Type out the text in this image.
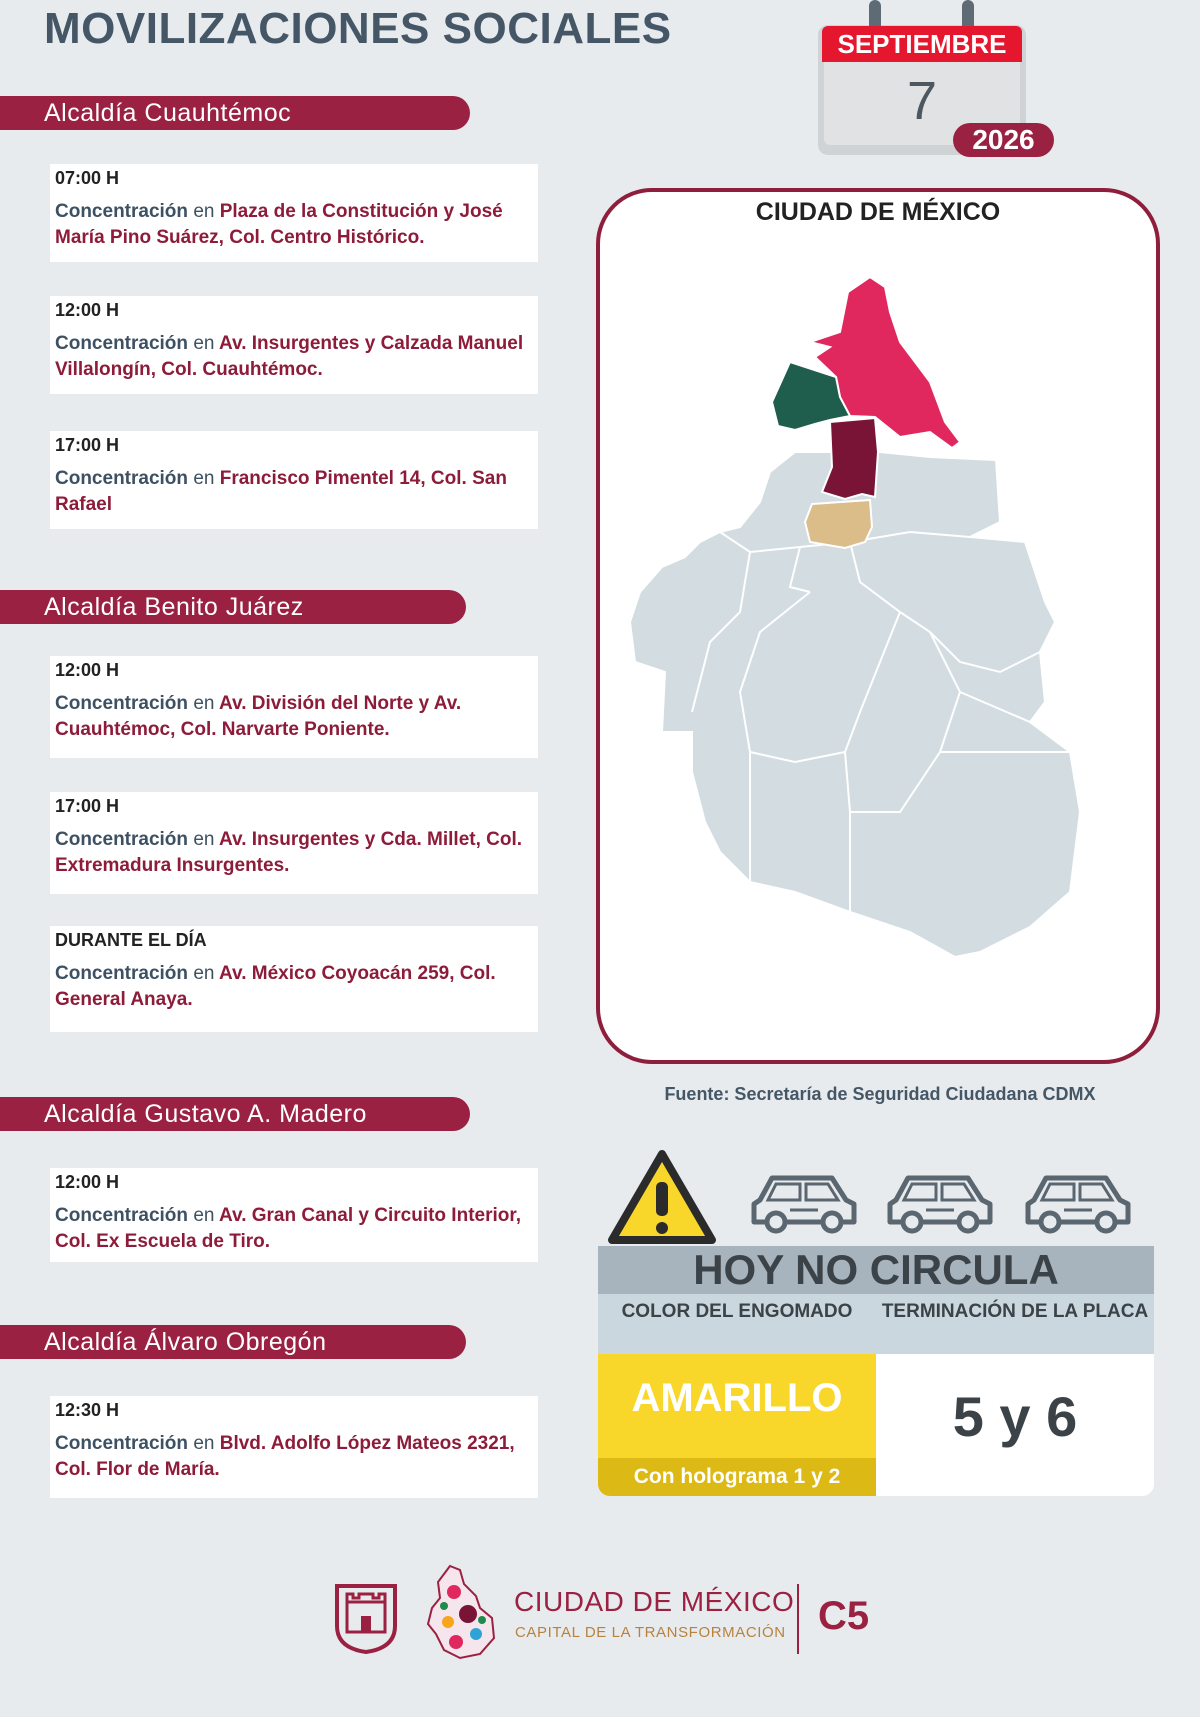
MOVILIZACIONES SOCIALES	SEPTIEMBRE
7
2026
Alcaldía Cuauhtémoc
07:00 H
Concentración en Plaza de la Constitución y José María Pino Suárez, Col. Centro Histórico.
12:00 H
Concentración en Av. Insurgentes y Calzada Manuel Villalongín, Col. Cuauhtémoc.
17:00 H
Concentración en Francisco Pimentel 14, Col. San Rafael
Alcaldía Benito Juárez
12:00 H
Concentración en Av. División del Norte y Av. Cuauhtémoc, Col. Narvarte Poniente.
17:00 H
Concentración en Av. Insurgentes y Cda. Millet, Col. Extremadura Insurgentes.
DURANTE EL DÍA
Concentración en Av. México Coyoacán 259, Col. General Anaya.
Alcaldía Gustavo A. Madero
12:00 H
Concentración en Av. Gran Canal y Circuito Interior, Col. Ex Escuela de Tiro.
Alcaldía Álvaro Obregón
12:30 H
Concentración en Blvd. Adolfo López Mateos 2321, Col. Flor de María.
CIUDAD DE MÉXICO
Fuente: Secretaría de Seguridad Ciudadana CDMX
HOY NO CIRCULA
COLOR DEL ENGOMADO	TERMINACIÓN DE LA PLACA
AMARILLO
Con holograma 1 y 2
5 y 6
CIUDAD DE MÉXICO
CAPITAL DE LA TRANSFORMACIÓN C5
